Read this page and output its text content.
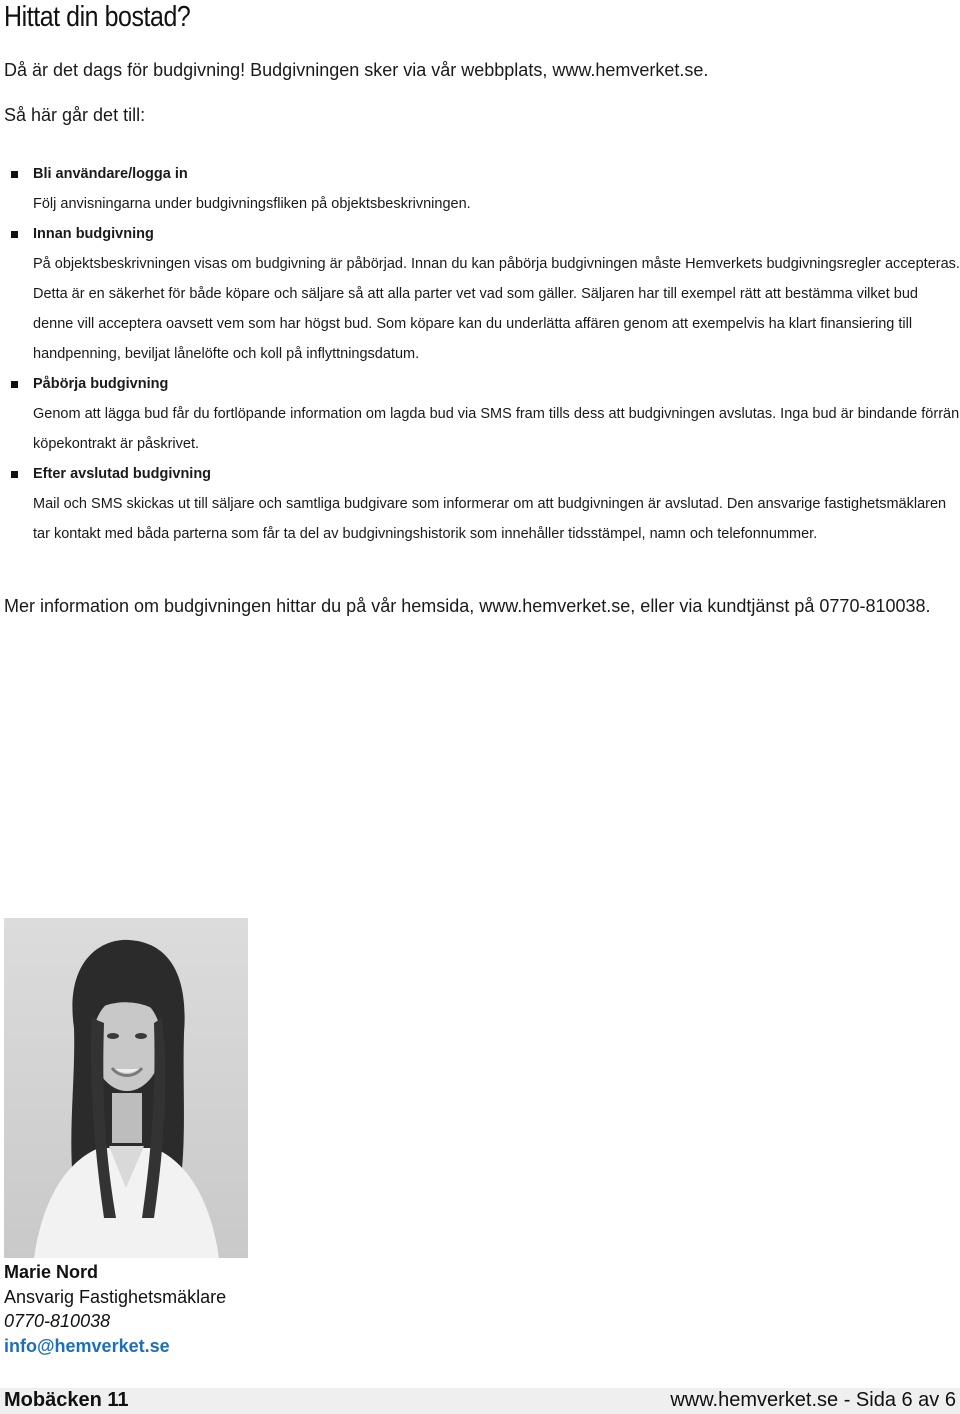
Hittat din bostad?

Då är det dags för budgivning! Budgivningen sker via vår webbplats, www.hemverket.se.

Så här går det till:

Bli användare/logga in
Följ anvisningarna under budgivningsfliken på objektsbeskrivningen.
Innan budgivning
På objektsbeskrivningen visas om budgivning är påbörjad. Innan du kan påbörja budgivningen måste Hemverkets budgivningsregler accepteras. Detta är en säkerhet för både köpare och säljare så att alla parter vet vad som gäller. Säljaren har till exempel rätt att bestämma vilket bud denne vill acceptera oavsett vem som har högst bud. Som köpare kan du underlätta affären genom att exempelvis ha klart finansiering till handpenning, beviljat lånelöfte och koll på inflyttningsdatum.
Påbörja budgivning
Genom att lägga bud får du fortlöpande information om lagda bud via SMS fram tills dess att budgivningen avslutas. Inga bud är bindande förrän köpekontrakt är påskrivet.
Efter avslutad budgivning
Mail och SMS skickas ut till säljare och samtliga budgivare som informerar om att budgivningen är avslutad. Den ansvarige fastighetsmäklaren tar kontakt med båda parterna som får ta del av budgivningshistorik som innehåller tidsstämpel, namn och telefonnummer.

Mer information om budgivningen hittar du på vår hemsida, www.hemverket.se, eller via kundtjänst på 0770-810038.

Marie Nord
Ansvarig Fastighetsmäklare
0770-810038
info@hemverket.se
Mobäcken 11	www.hemverket.se - Sida 6 av 6
